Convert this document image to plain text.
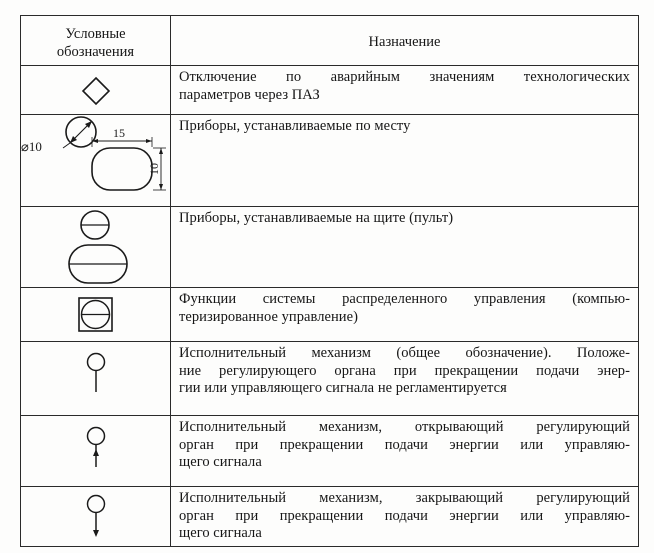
Условные
обозначения	Назначение

Отключение по аварийным значениям технологических
параметров через ПАЗ

⌀10
15
10	Приборы, устанавливаемые по месту

Приборы, устанавливаемые на щите (пульт)

Функции системы распределенного управления (компью-
теризированное управление)

Исполнительный механизм (общее обозначение). Положе-
ние регулирующего органа при прекращении подачи энер-
гии или управляющего сигнала не регламентируется

Исполнительный механизм, открывающий регулирующий
орган при прекращении подачи энергии или управляю-
щего сигнала

Исполнительный механизм, закрывающий регулирующий
орган при прекращении подачи энергии или управляю-
щего сигнала
